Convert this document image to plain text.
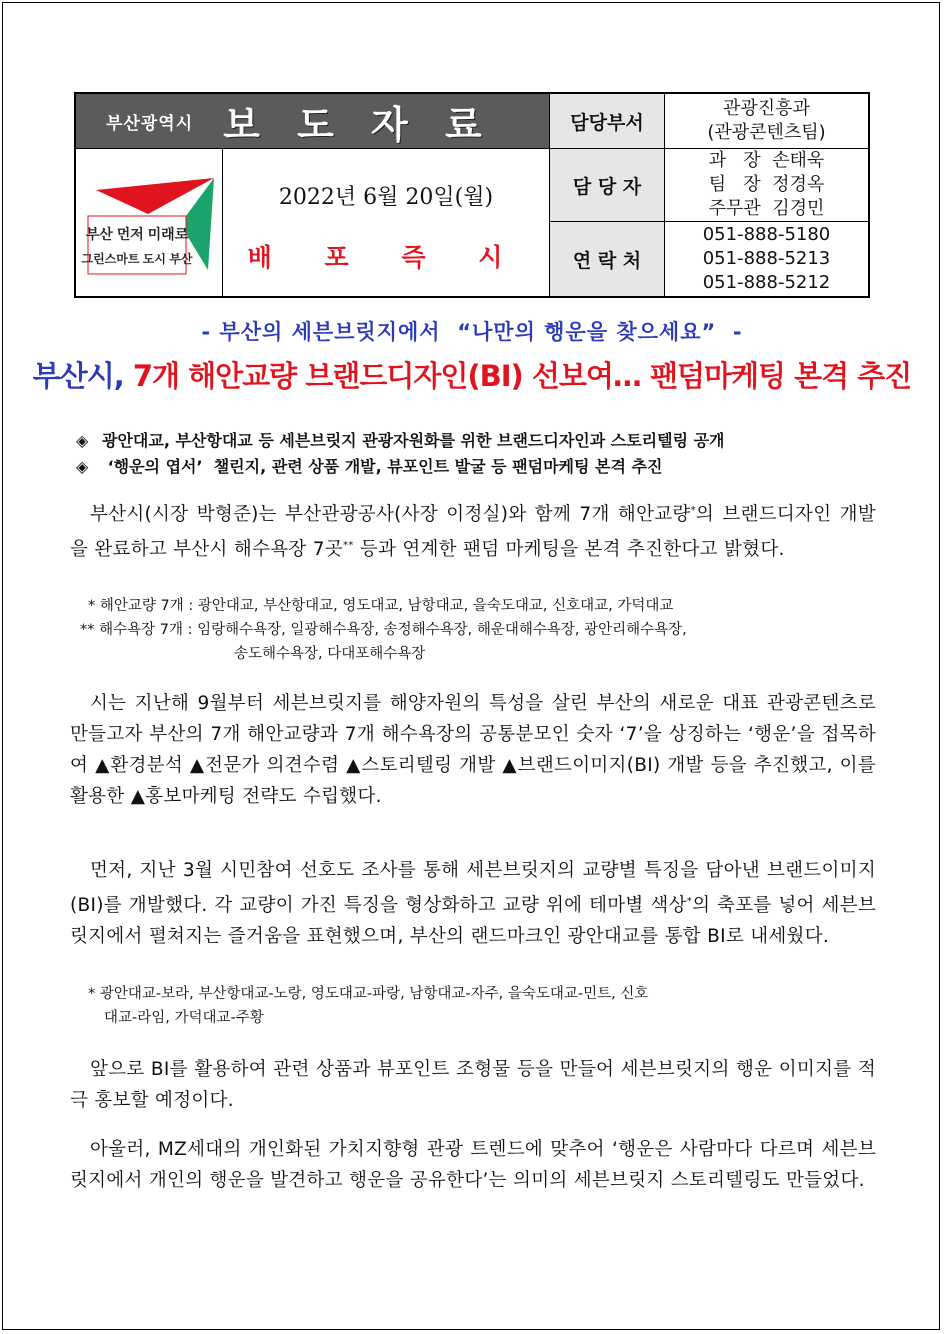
부산광역시 보 도 자 료
부산 먼저 미래로
그린스마트 도시 부산
2022년 6월 20일(월)
배 포 즉 시
담당부서
관광진흥과
(관광콘텐츠팀)
담 당 자
과   장  손태욱
팀   장  정경옥
주무관  김경민
연 락 처
051-888-5180
051-888-5213
051-888-5212
- 부산의 세븐브릿지에서  “나만의 행운을 찾으세요”  -
부산시, 7개 해안교량 브랜드디자인(BI) 선보여… 팬덤마케팅 본격 추진
◈ 광안대교, 부산항대교 등 세븐브릿지 관광자원화를 위한 브랜드디자인과 스토리텔링 공개
◈ ‘행운의 엽서’  챌린지, 관련 상품 개발, 뷰포인트 발굴 등 팬덤마케팅 본격 추진
부산시(시장 박형준)는 부산관광공사(사장 이정실)와 함께 7개 해안교량*의 브랜드디자인 개발을 완료하고 부산시 해수욕장 7곳** 등과 연계한 팬덤 마케팅을 본격 추진한다고 밝혔다.
* 해안교량 7개 : 광안대교, 부산항대교, 영도대교, 남항대교, 을숙도대교, 신호대교, 가덕대교
** 해수욕장 7개 : 임랑해수욕장, 일광해수욕장, 송정해수욕장, 해운대해수욕장, 광안리해수욕장,
송도해수욕장, 다대포해수욕장
시는 지난해 9월부터 세븐브릿지를 해양자원의 특성을 살린 부산의 새로운 대표 관광콘텐츠로 만들고자 부산의 7개 해안교량과 7개 해수욕장의 공통분모인 숫자 ‘7’을 상징하는 ‘행운’을 접목하여 ▲환경분석 ▲전문가 의견수렴 ▲스토리텔링 개발 ▲브랜드이미지(BI) 개발 등을 추진했고, 이를 활용한 ▲홍보마케팅 전략도 수립했다.
먼저, 지난 3월 시민참여 선호도 조사를 통해 세븐브릿지의 교량별 특징을 담아낸 브랜드이미지(BI)를 개발했다. 각 교량이 가진 특징을 형상화하고 교량 위에 테마별 색상*의 축포를 넣어 세븐브릿지에서 펼쳐지는 즐거움을 표현했으며, 부산의 랜드마크인 광안대교를 통합 BI로 내세웠다.
* 광안대교-보라, 부산항대교-노랑, 영도대교-파랑, 남항대교-자주, 을숙도대교-민트, 신호
대교-라임, 가덕대교-주황
앞으로 BI를 활용하여 관련 상품과 뷰포인트 조형물 등을 만들어 세븐브릿지의 행운 이미지를 적극 홍보할 예정이다.
아울러, MZ세대의 개인화된 가치지향형 관광 트렌드에 맞추어 ‘행운은 사람마다 다르며 세븐브릿지에서 개인의 행운을 발견하고 행운을 공유한다’는 의미의 세븐브릿지 스토리텔링도 만들었다.
